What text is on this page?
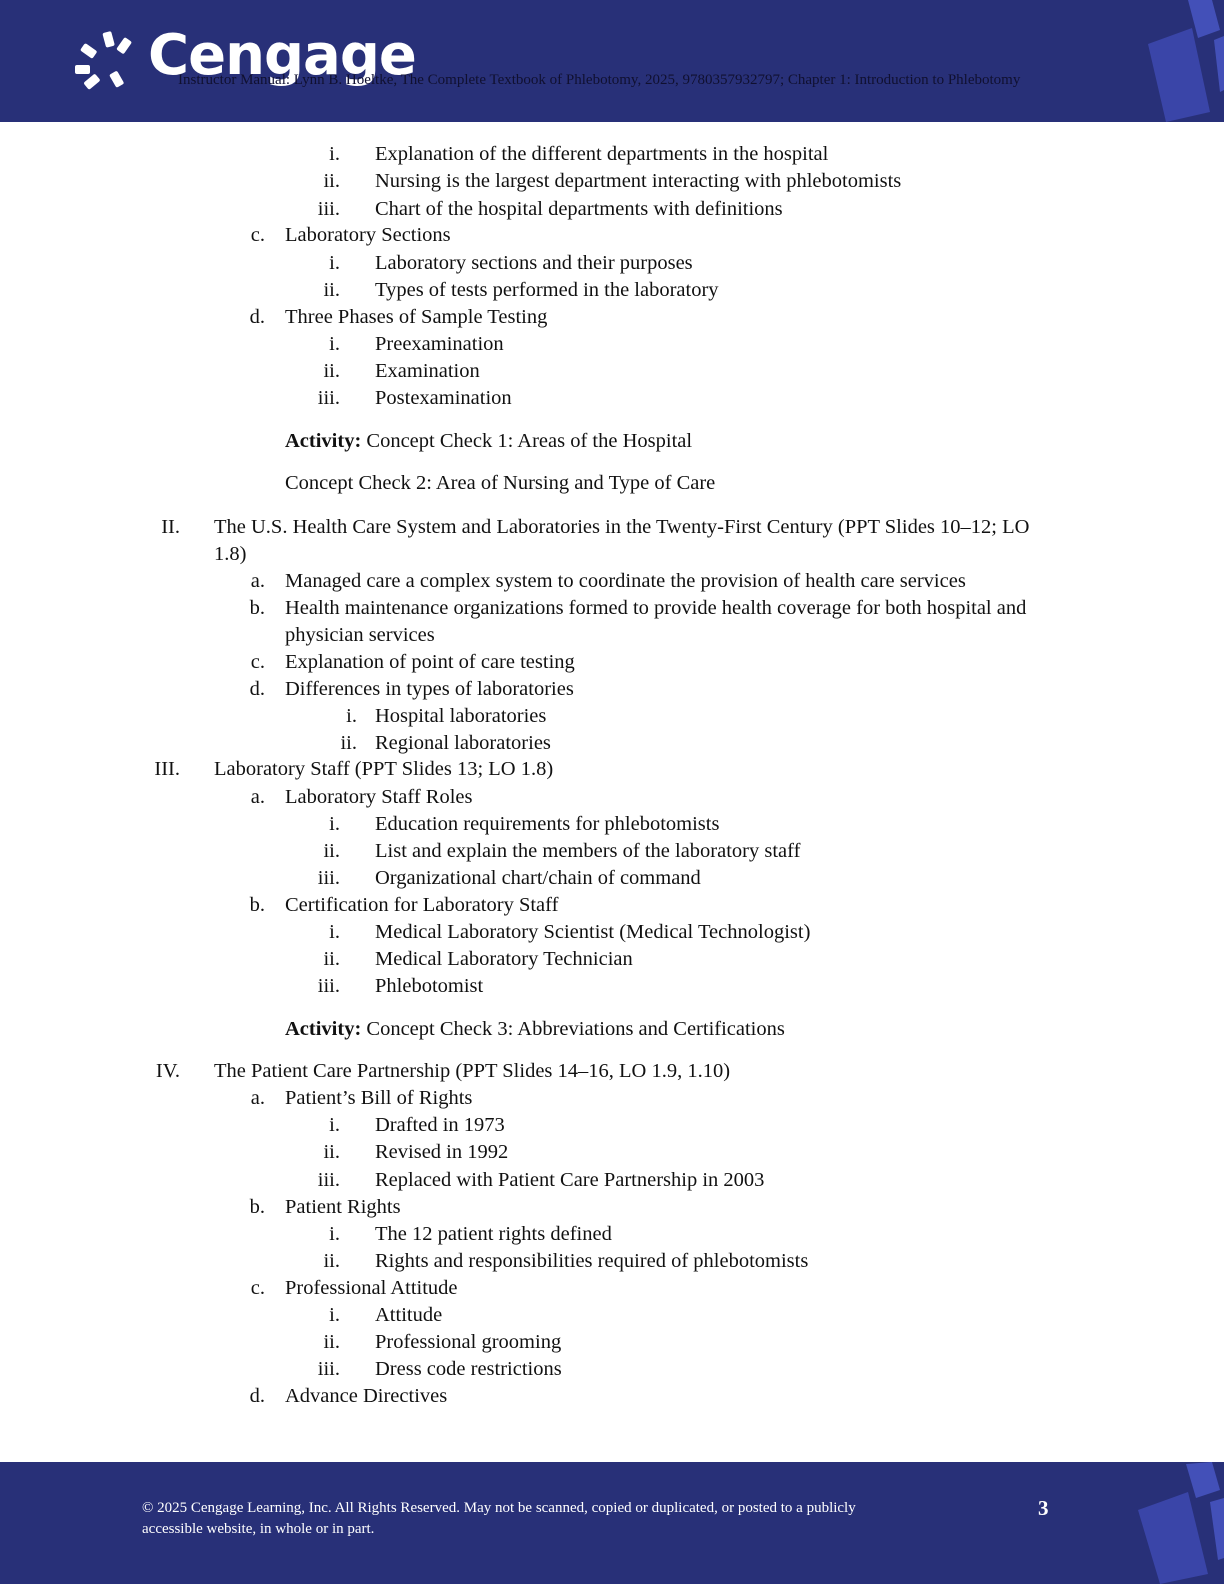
Cengage
Instructor Manual: Lynn B. Hoeltke, The Complete Textbook of Phlebotomy, 2025, 9780357932797; Chapter 1: Introduction to Phlebotomy
i. Explanation of the different departments in the hospital
ii. Nursing is the largest department interacting with phlebotomists
iii. Chart of the hospital departments with definitions
c. Laboratory Sections
i. Laboratory sections and their purposes
ii. Types of tests performed in the laboratory
d. Three Phases of Sample Testing
i. Preexamination
ii. Examination
iii. Postexamination
Activity: Concept Check 1: Areas of the Hospital
Concept Check 2: Area of Nursing and Type of Care
II. The U.S. Health Care System and Laboratories in the Twenty-First Century (PPT Slides 10–12; LO 1.8)
a. Managed care a complex system to coordinate the provision of health care services
b. Health maintenance organizations formed to provide health coverage for both hospital and physician services
c. Explanation of point of care testing
d. Differences in types of laboratories
i. Hospital laboratories
ii. Regional laboratories
III. Laboratory Staff (PPT Slides 13; LO 1.8)
a. Laboratory Staff Roles
i. Education requirements for phlebotomists
ii. List and explain the members of the laboratory staff
iii. Organizational chart/chain of command
b. Certification for Laboratory Staff
i. Medical Laboratory Scientist (Medical Technologist)
ii. Medical Laboratory Technician
iii. Phlebotomist
Activity: Concept Check 3: Abbreviations and Certifications
IV. The Patient Care Partnership (PPT Slides 14–16, LO 1.9, 1.10)
a. Patient’s Bill of Rights
i. Drafted in 1973
ii. Revised in 1992
iii. Replaced with Patient Care Partnership in 2003
b. Patient Rights
i. The 12 patient rights defined
ii. Rights and responsibilities required of phlebotomists
c. Professional Attitude
i. Attitude
ii. Professional grooming
iii. Dress code restrictions
d. Advance Directives
© 2025 Cengage Learning, Inc. All Rights Reserved. May not be scanned, copied or duplicated, or posted to a publicly accessible website, in whole or in part.
3
